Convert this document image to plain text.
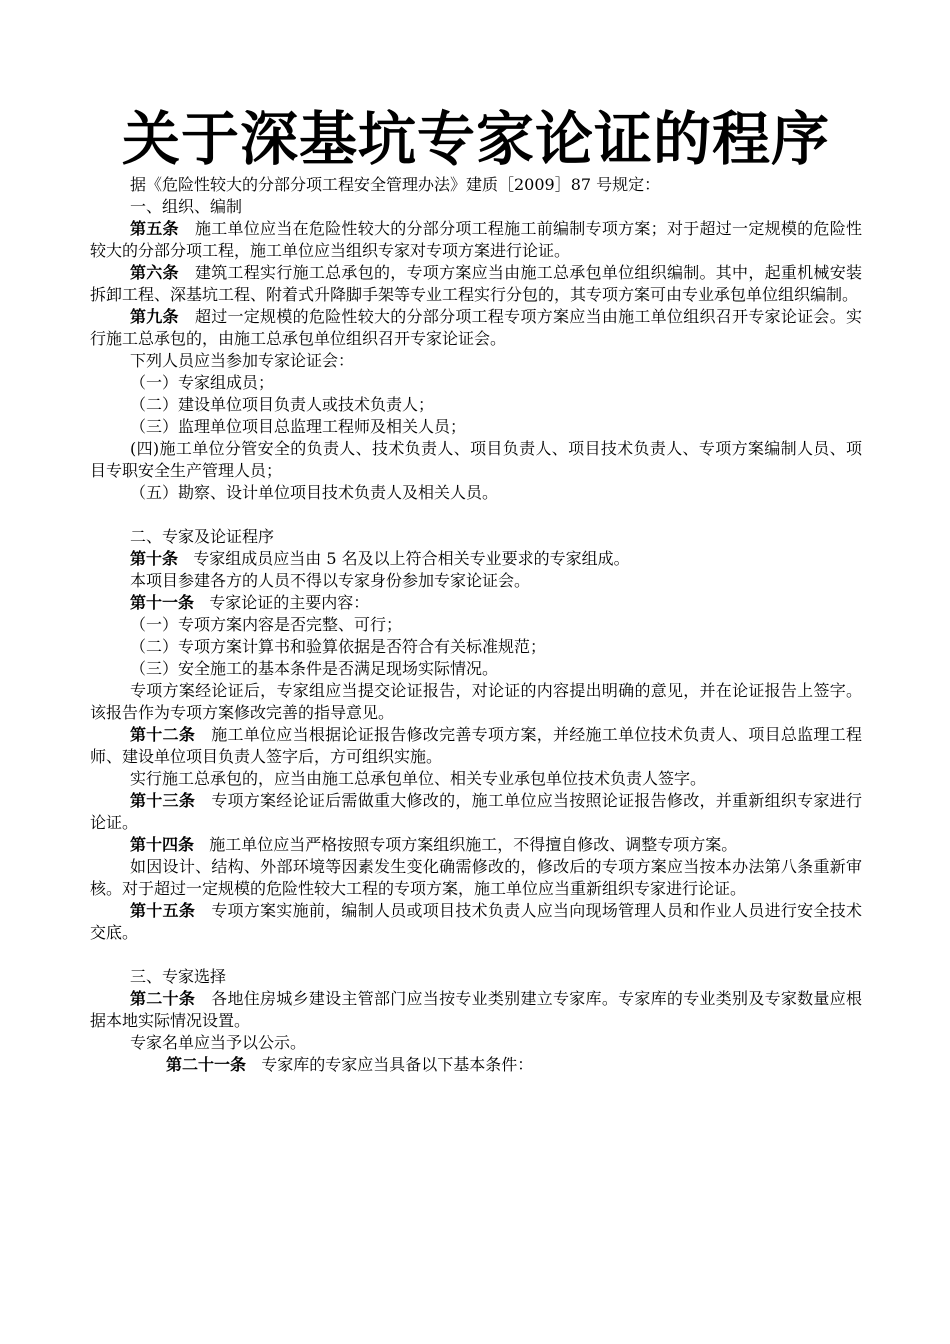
关于深基坑专家论证的程序

据《危险性较大的分部分项工程安全管理办法》建质［2009］87 号规定：

一、组织、编制

第五条 施工单位应当在危险性较大的分部分项工程施工前编制专项方案；对于超过一定规模的危险性较大的分部分项工程，施工单位应当组织专家对专项方案进行论证。

第六条 建筑工程实行施工总承包的，专项方案应当由施工总承包单位组织编制。其中，起重机械安装拆卸工程、深基坑工程、附着式升降脚手架等专业工程实行分包的，其专项方案可由专业承包单位组织编制。

第九条 超过一定规模的危险性较大的分部分项工程专项方案应当由施工单位组织召开专家论证会。实行施工总承包的，由施工总承包单位组织召开专家论证会。

下列人员应当参加专家论证会：

（一）专家组成员；

（二）建设单位项目负责人或技术负责人；

（三）监理单位项目总监理工程师及相关人员；

(四)施工单位分管安全的负责人、技术负责人、项目负责人、项目技术负责人、专项方案编制人员、项目专职安全生产管理人员；

（五）勘察、设计单位项目技术负责人及相关人员。

二、专家及论证程序

第十条 专家组成员应当由 5 名及以上符合相关专业要求的专家组成。

本项目参建各方的人员不得以专家身份参加专家论证会。

第十一条 专家论证的主要内容：

（一）专项方案内容是否完整、可行；

（二）专项方案计算书和验算依据是否符合有关标准规范；

（三）安全施工的基本条件是否满足现场实际情况。

专项方案经论证后，专家组应当提交论证报告，对论证的内容提出明确的意见，并在论证报告上签字。该报告作为专项方案修改完善的指导意见。

第十二条 施工单位应当根据论证报告修改完善专项方案，并经施工单位技术负责人、项目总监理工程师、建设单位项目负责人签字后，方可组织实施。

实行施工总承包的，应当由施工总承包单位、相关专业承包单位技术负责人签字。

第十三条 专项方案经论证后需做重大修改的，施工单位应当按照论证报告修改，并重新组织专家进行论证。

第十四条 施工单位应当严格按照专项方案组织施工，不得擅自修改、调整专项方案。

如因设计、结构、外部环境等因素发生变化确需修改的，修改后的专项方案应当按本办法第八条重新审核。对于超过一定规模的危险性较大工程的专项方案，施工单位应当重新组织专家进行论证。

第十五条 专项方案实施前，编制人员或项目技术负责人应当向现场管理人员和作业人员进行安全技术交底。

三、专家选择

第二十条 各地住房城乡建设主管部门应当按专业类别建立专家库。专家库的专业类别及专家数量应根据本地实际情况设置。

专家名单应当予以公示。

第二十一条 专家库的专家应当具备以下基本条件：
